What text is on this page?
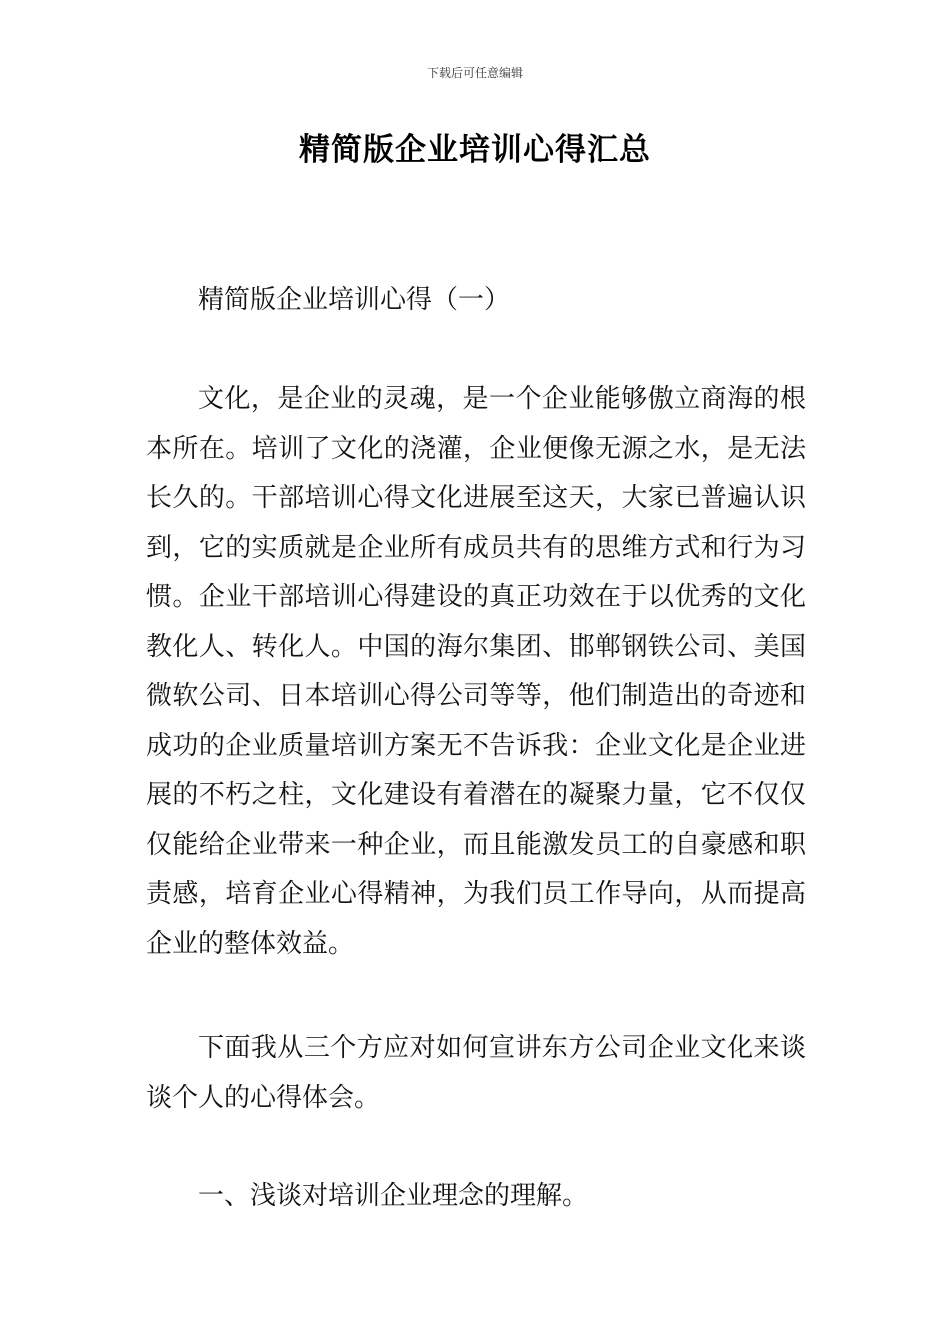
下载后可任意编辑
精简版企业培训心得汇总

精简版企业培训心得（一）

文化，是企业的灵魂，是一个企业能够傲立商海的根本所在。培训了文化的浇灌，企业便像无源之水，是无法长久的。干部培训心得文化进展至这天，大家已普遍认识到，它的实质就是企业所有成员共有的思维方式和行为习惯。企业干部培训心得建设的真正功效在于以优秀的文化教化人、转化人。中国的海尔集团、邯郸钢铁公司、美国微软公司、日本培训心得公司等等，他们制造出的奇迹和成功的企业质量培训方案无不告诉我：企业文化是企业进展的不朽之柱，文化建设有着潜在的凝聚力量，它不仅仅仅能给企业带来一种企业，而且能激发员工的自豪感和职责感，培育企业心得精神，为我们员工作导向，从而提高企业的整体效益。

下面我从三个方应对如何宣讲东方公司企业文化来谈谈个人的心得体会。

一、浅谈对培训企业理念的理解。
